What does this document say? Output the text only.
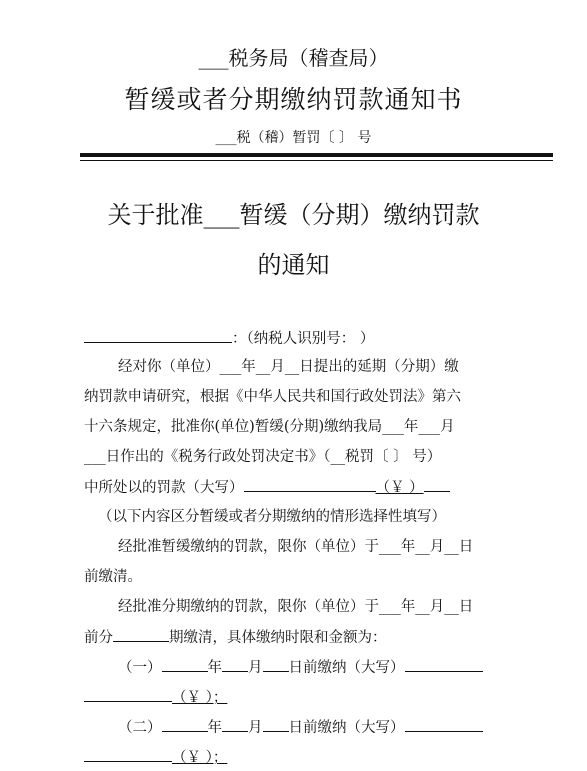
___税务局（稽查局）
暂缓或者分期缴纳罚款通知书
___税（稽）暂罚〔 〕 号
关于批准___暂缓（分期）缴纳罚款
的通知
：（纳税人识别号： ）
经对你（单位）___年__月__日提出的延期（分期）缴
纳罚款申请研究，根据《中华人民共和国行政处罚法》第六
十六条规定，批准你(单位)暂缓(分期)缴纳我局___年___月
___日作出的《税务行政处罚决定书》（__税罚〔 〕 号）
中所处以的罚款（大写）	（￥ ）
（以下内容区分暂缓或者分期缴纳的情形选择性填写）
经批准暂缓缴纳的罚款，限你（单位）于___年__月__日
前缴清。
经批准分期缴纳的罚款，限你（单位）于___年__月__日
前分	期缴清，具体缴纳时限和金额为：
（一）	年 月 日前缴纳（大写）
（￥ ）；
（二）	年 月 日前缴纳（大写）
（￥ ）；
